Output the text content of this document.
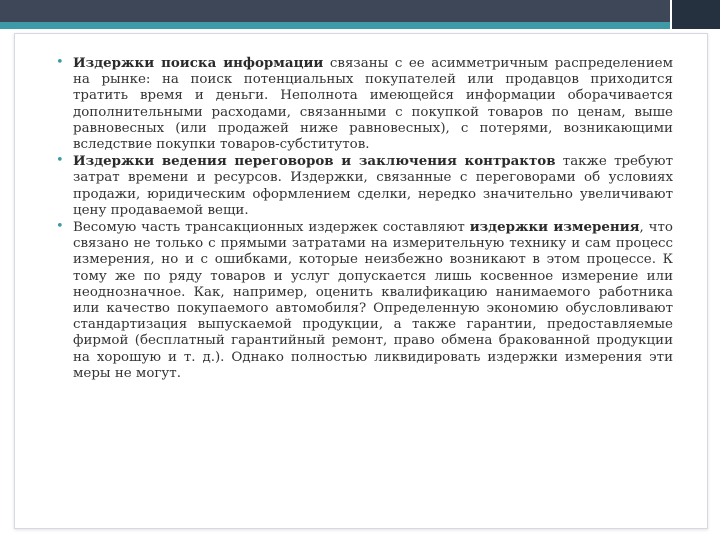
• Издержки поиска информации связаны с ее асимметричным распределением на рынке: на поиск потенциальных покупателей или продавцов приходится тратить время и деньги. Неполнота имеющейся информации оборачивается дополнительными расходами, связанными с покупкой товаров по ценам, выше равновесных (или продажей ниже равновесных), с потерями, возникающими вследствие покупки товаров-субститутов.

• Издержки ведения переговоров и заключения контрактов также требуют затрат времени и ресурсов. Издержки, связанные с переговорами об условиях продажи, юридическим оформлением сделки, нередко значительно увеличивают цену продаваемой вещи.

• Весомую часть трансакционных издержек составляют издержки измерения, что связано не только с прямыми затратами на измерительную технику и сам процесс измерения, но и с ошибками, которые неизбежно возникают в этом процессе. К тому же по ряду товаров и услуг допускается лишь косвенное измерение или неоднозначное. Как, например, оценить квалификацию нанимаемого работника или качество покупаемого автомобиля? Определенную экономию обусловливают стандартизация выпускаемой продукции, а также гарантии, предоставляемые фирмой (бесплатный гарантийный ремонт, право обмена бракованной продукции на хорошую и т. д.). Однако полностью ликвидировать издержки измерения эти меры не могут.
